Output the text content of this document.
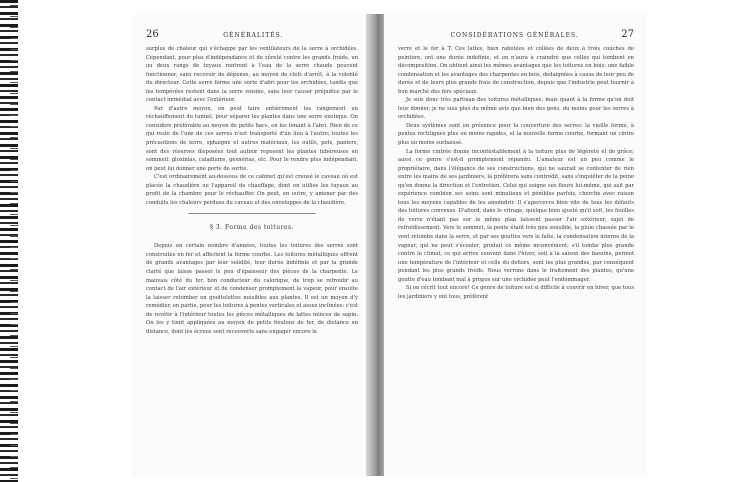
26	GÉNÉRALITÉS.

surplus de chaleur qui s'échappe par les ventilateurs de la serre à orchidées. Cependant, pour plus d'indépendance et de sûreté contre les grands froids, un ou deux rangs de tuyaux rentrent à l'eau de la serre chaude peuvent fonctionner, sans recevoir de dépense, au moyen de clefs d'arrêt, à la volonté du directeur. Cette serre forme une sorte d'abri pour les orchidées, tandis que les tempérées restent dans la serre voisine, sans leur causer préjudice par le contact immédiat avec l'extérieur.

Par d'autre moyen, on peut faire entièrement les rangement un réchauffement du tunnel, pour séparer les plantes dans une serre exotique. On considère préférable au moyen de petits bacs, en les tenant à l'abri. Rien de ce qui reste de l'une de ces serres n'est transporté d'un lieu à l'autre; toutes les précautions de terre, sphaigne et autres matériaux, les outils, pots, paniers, sont des réserves disposées tout autour reposent les plantes tubéreuses en sommeil: gloxinias, caladiums, gesnérias, etc. Pour le rendre plus indépendant, on peut lui donner une porte de sortie.

C'est ordinairement au-dessous de ce cabinet qu'est creusé le caveau où est placée la chaudière ou l'appareil de chauffage, dont on utilise les tuyaux au profit de la chambre pour le réchauffer. On peut, en outre, y amener par des conduits les chaleurs perdues du caveau et des enveloppes de la chaudière.

§ 3. Forme des toitures.

Depuis un certain nombre d'années, toutes les toitures des serres sont construites en fer et affectent la forme courbe. Les toitures métalliques offrent de grands avantages par leur solidité, leur durée indéfinie et par la grande clarté que laisse passer le peu d'épaisseur des pièces de la charpente. Le mauvais côté du fer, bon conducteur du calorique, de trop se refroidir au contact de l'air extérieur et de condenser promptement la vapeur, pour ensuite la laisser retomber en gouttelettes nuisibles aux plantes. Il est un moyen d'y remédier, en partie, pour les toitures à pentes verticales et assez inclinées: c'est de revêtir à l'intérieur toutes les pièces métalliques de lattes minces de sapin. On les y tient appliquées au moyen de petits boulons de fer, de distance en distance, dont les écrous sont recouverts sans engager encore le

CONSIDÉRATIONS GÉNÉRALES.	27

verre et le fer à T. Ces lattes, bien rabotées et collées de deux à trois couches de peinture, ont une durée indéfinie, et on n'aura à craindre que celles qui tombent en décomposition. On obtient ainsi les mêmes avantages que les toitures en bois: une faible condensation et les avantages des charpentes en bois, dédaignées à cause de leur peu de durée et de leurs plus grands frais de construction, depuis que l'industrie peut fournir à bon marché des fers spéciaux.

Je suis donc très partisan des toitures métalliques; mais quant à la forme qu'on doit leur donner, je ne suis plus du même avis que bien des gens, du moins pour les serres à orchidées.

Deux systèmes sont en présence pour la couverture des serres: la vieille forme, à pentes rectilignes plus ou moins rapides, et la nouvelle forme courbe, formant un cintre plus ou moins surbaissé.

La forme cintrée donne incontestablement à la toiture plus de légèreté et de grâce; aussi ce genre s'est-il promptement répandu. L'amateur est un peu comme le propriétaire, dans l'élégance de ses constructions, qui ne saurait se contenter de rien entre les mains de ses jardiniers, la préférera sans contredit, sans s'inquiéter de la peine qu'en donne la direction et l'entretien. Celui qui soigne ses fleurs lui-même, qui sait par expérience combien ses soins sont minutieux et pénibles parfois, cherche avec raison tous les moyens capables de les amoindrir. Il s'apercevra bien vite de tous les défauts des toitures convexes. D'abord, dans le vitrage, quelque bien ajusté qu'il soit, les feuilles de verre n'étant pas sur le même plan laissent passer l'air extérieur, sujet de refroidissement. Vers le sommet, la pente étant très peu sensible, la pluie chassée par le vent retombe dans la serre, et par ses gouttes vers le faîte, la condensation interne de la vapeur, qui ne peut s'écouler, produit ce même inconvénient; s'il tombe plus grande contre le climat, ce qui arrive souvent dans l'hiver, soit à la saison des bassins, permet une température de l'intérieur et celle du dehors, sont les plus grandes, par conséquent pendant les plus grands froids. Nous verrons dans le traitement des plantes, qu'une goutte d'eau tombant mal à propos sur une orchidée peut l'endommager.

Si on récrit tout encore! Ce genre de toiture est si difficile à couvrir en hiver, que tous les jardiniers y ont tous, préfèrent
